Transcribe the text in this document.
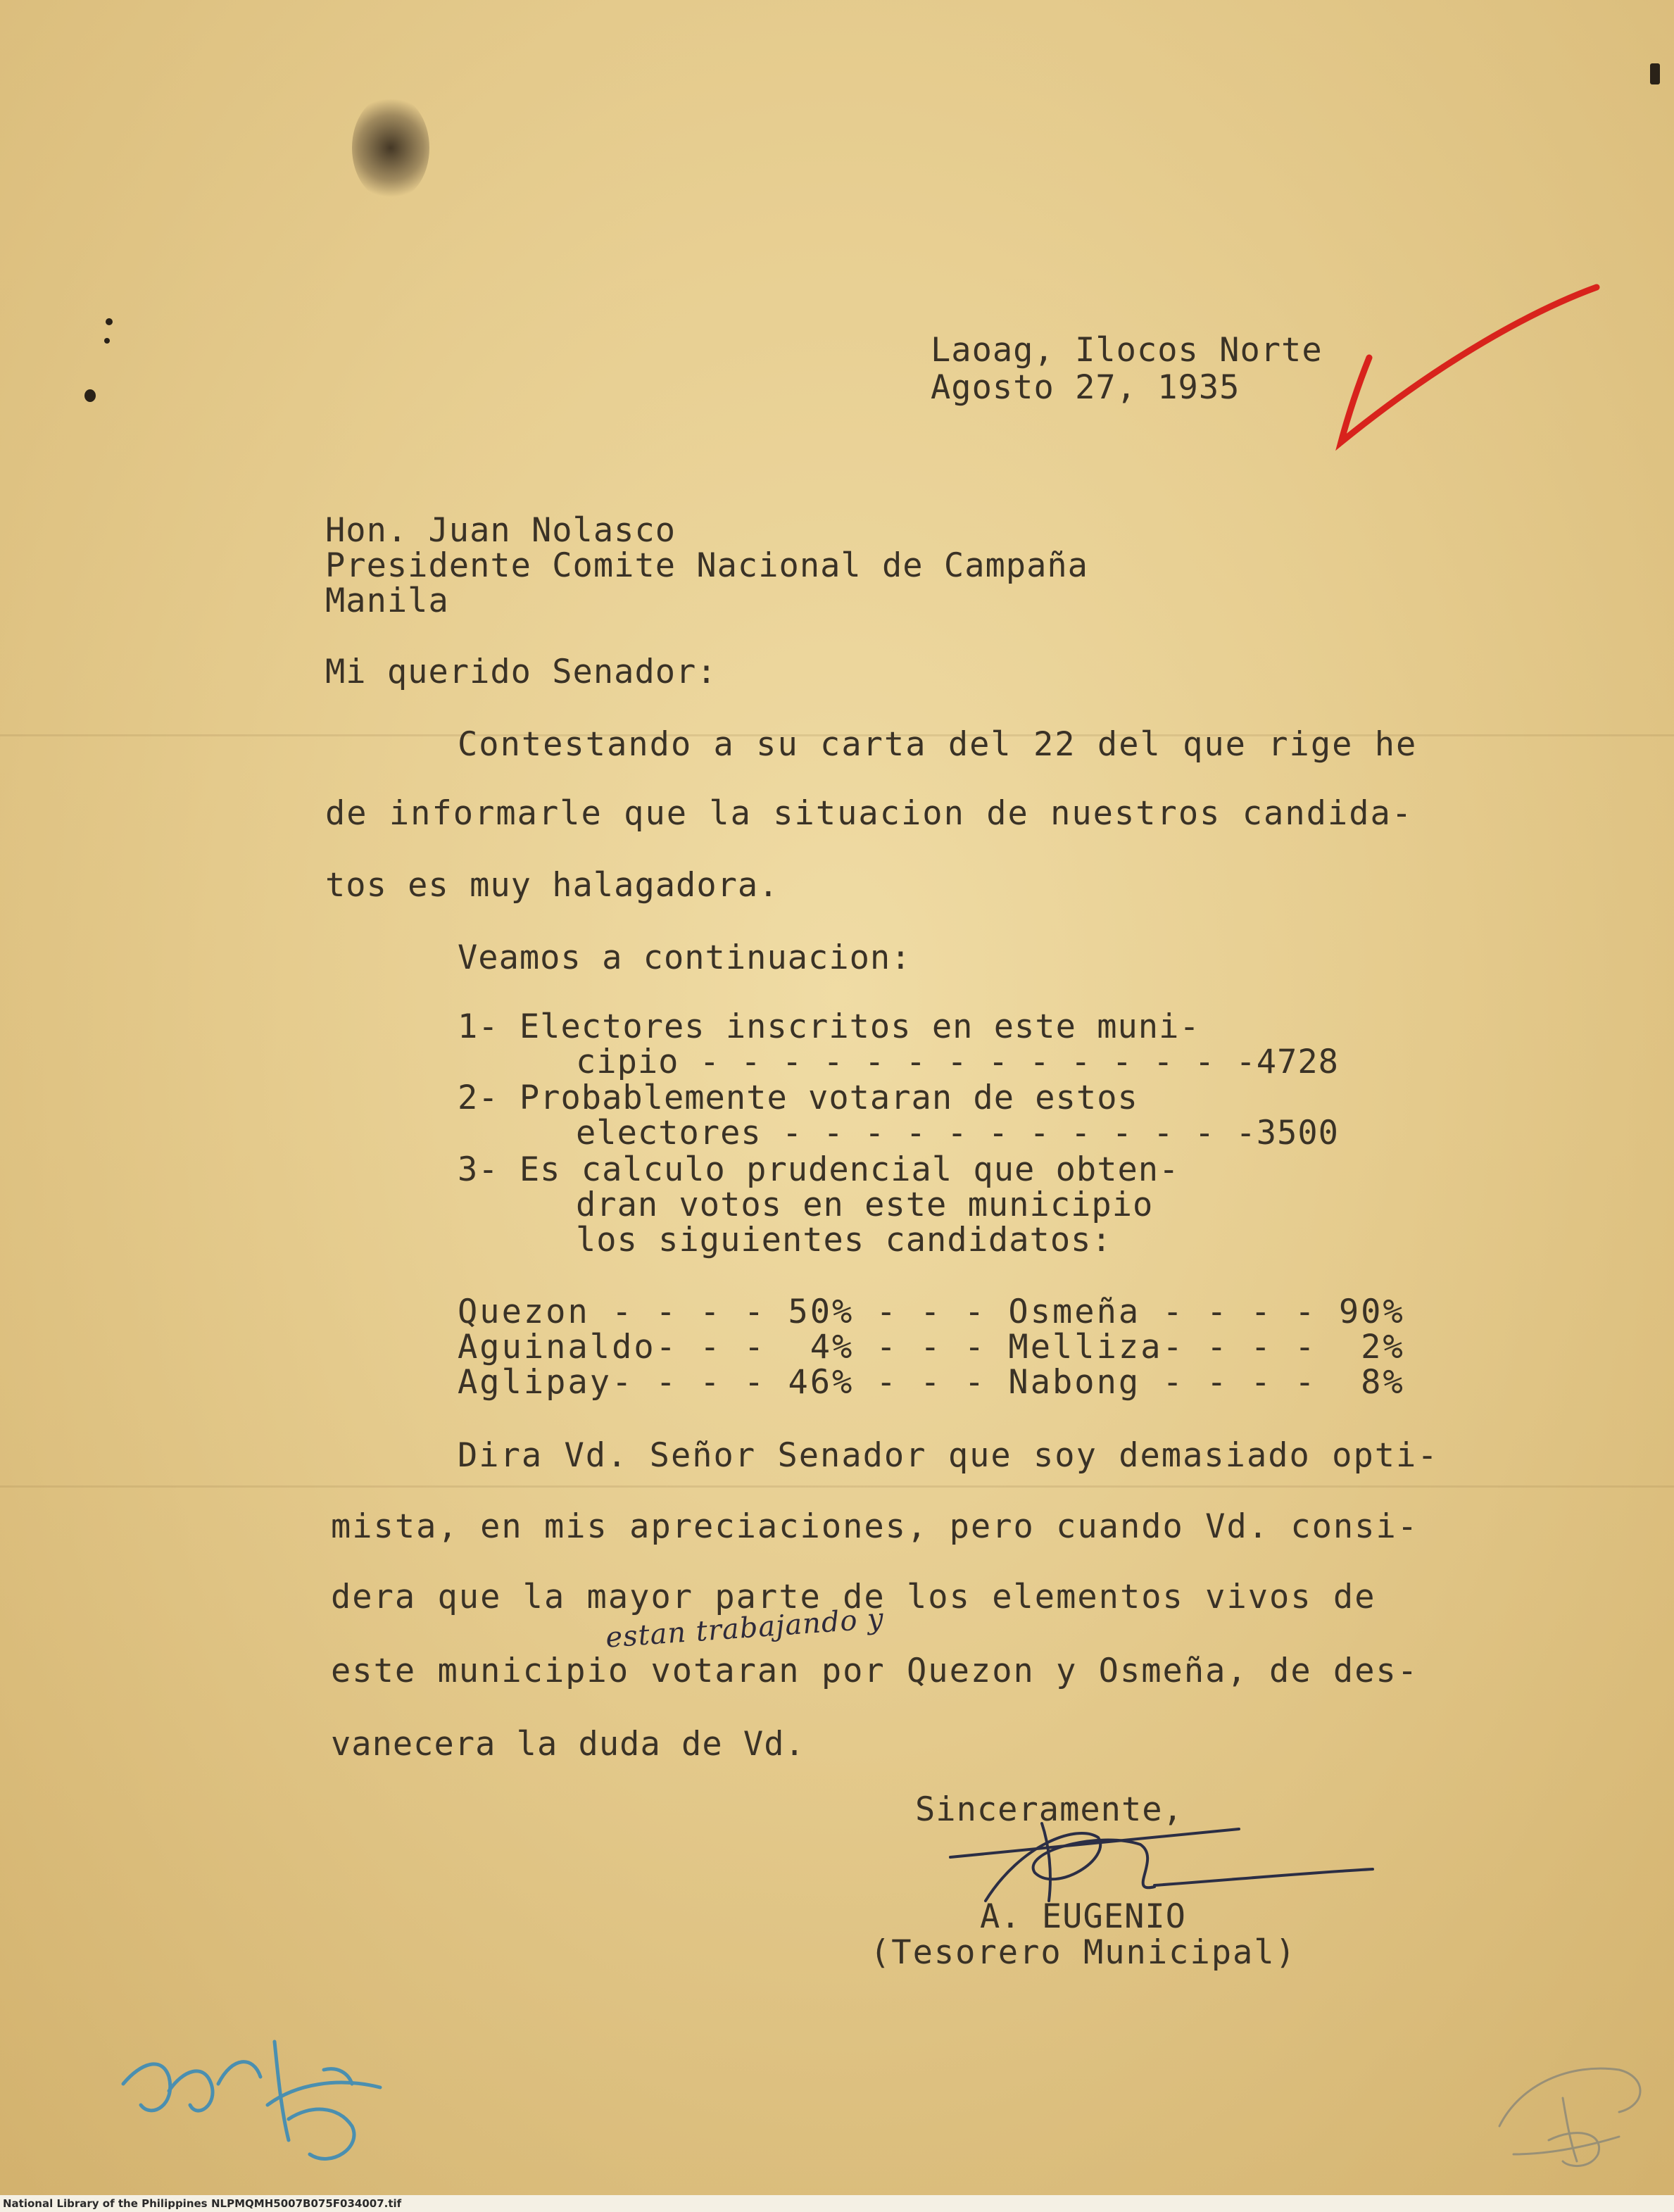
Laoag, Ilocos Norte
Agosto 27, 1935
Hon. Juan Nolasco
Presidente Comite Nacional de Campaña
Manila
Mi querido Senador:
Contestando a su carta del 22 del que rige he
de informarle que la situacion de nuestros candida-
tos es muy halagadora.
Veamos a continuacion:
1- Electores inscritos en este muni-
cipio - - - - - - - - - - - - - -4728
2- Probablemente votaran de estos
electores - - - - - - - - - - - -3500
3- Es calculo prudencial que obten-
dran votos en este municipio
los siguientes candidatos:
Quezon - - - - 50% - - - Osmeña - - - - 90%
Aguinaldo- - -  4% - - - Melliza- - - -  2%
Aglipay- - - - 46% - - - Nabong - - - -  8%
Dira Vd. Señor Senador que soy demasiado opti-
mista, en mis apreciaciones, pero cuando Vd. consi-
dera que la mayor parte de los elementos vivos de
este municipio votaran por Quezon y Osmeña, de des-
vanecera la duda de Vd.
estan trabajando y
Sinceramente,
A. EUGENIO
(Tesorero Municipal)
National Library of the Philippines NLPMQMH5007B075F034007.tif
